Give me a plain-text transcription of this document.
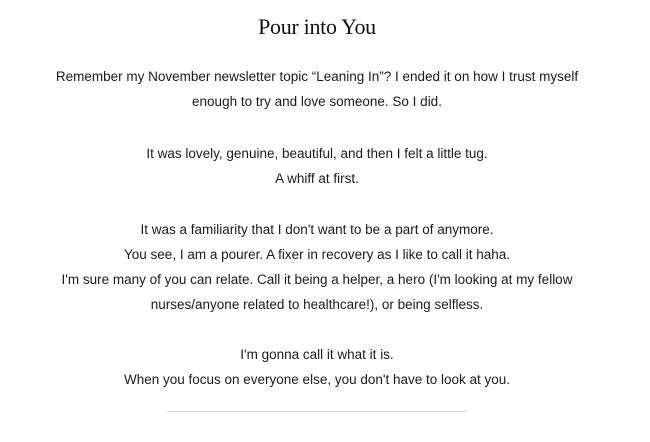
Pour into You

Remember my November newsletter topic “Leaning In”? I ended it on how I trust myself
enough to try and love someone. So I did.

It was lovely, genuine, beautiful, and then I felt a little tug.
A whiff at first.

It was a familiarity that I don't want to be a part of anymore.
You see, I am a pourer. A fixer in recovery as I like to call it haha.
I'm sure many of you can relate. Call it being a helper, a hero (I'm looking at my fellow
nurses/anyone related to healthcare!), or being selfless.

I'm gonna call it what it is.
When you focus on everyone else, you don't have to look at you.
